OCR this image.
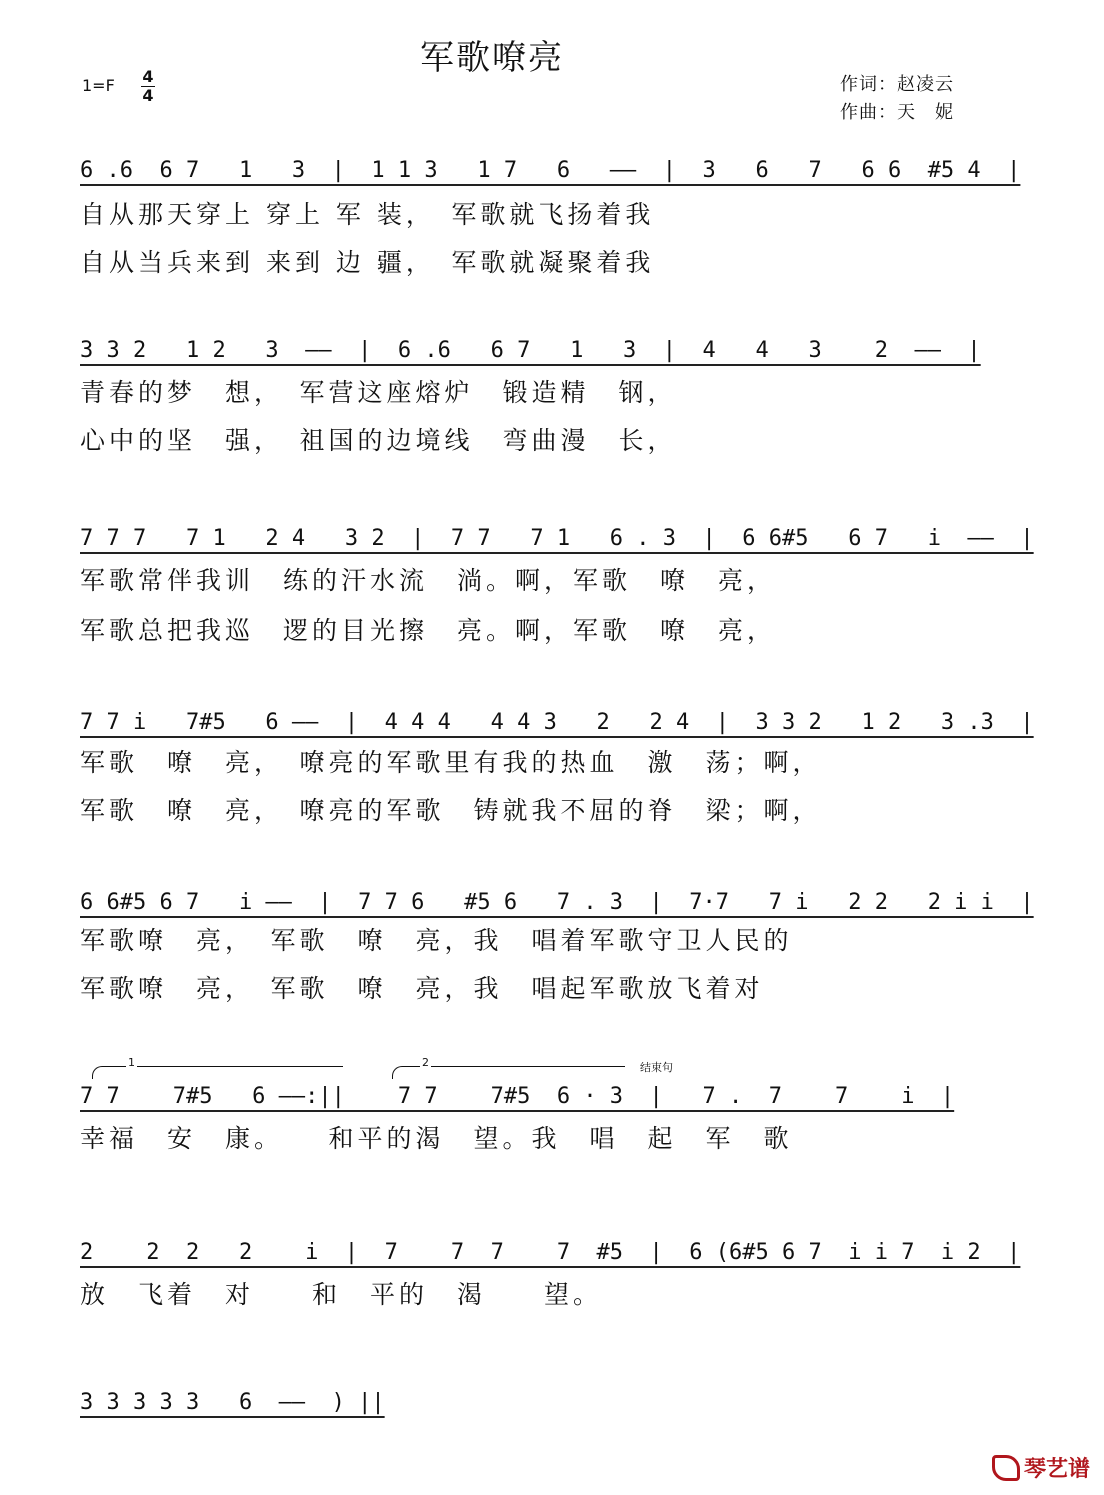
军歌嘹亮
1=F 4
4
作词：赵凌云
作曲：天　妮
6 .6  6 7   1   3  |  1 1 3   1 7   6   ——  |  3   6   7   6 6  #5 4  |
自从那天穿上 穿上 军 装，　军歌就飞扬着我
自从当兵来到 来到 边 疆，　军歌就凝聚着我
3 3 2   1 2   3  ——  |  6 .6   6 7   1   3  |  4   4   3    2  ——  |
青春的梦　想，　军营这座熔炉　锻造精　钢，
心中的坚　强，　祖国的边境线　弯曲漫　长，
7 7 7   7 1   2 4   3 2  |  7 7   7 1   6 . 3  |  6 6#5   6 7   i  ——  |
军歌常伴我训　练的汗水流　淌。啊，军歌　嘹　亮，
军歌总把我巡　逻的目光擦　亮。啊，军歌　嘹　亮，
7 7 i   7#5   6 ——  |  4 4 4   4 4 3   2   2 4  |  3 3 2   1 2   3 .3  |
军歌　嘹　亮，　嘹亮的军歌里有我的热血　激　荡；啊，
军歌　嘹　亮，　嘹亮的军歌　铸就我不屈的脊　梁；啊，
6 6#5 6 7   i ——  |  7 7 6   #5 6   7 . 3  |  7·7   7 i   2 2   2 i i  |
军歌嘹　亮，　军歌　嘹　亮，我　唱着军歌守卫人民的
军歌嘹　亮，　军歌　嘹　亮，我　唱起军歌放飞着对
1	2	结束句
7 7    7#5   6 ——:||    7 7    7#5  6 · 3  |   7 .  7    7    i  |
幸福　安　康。　　和平的渴　望。我　唱　起　军　歌
2    2  2   2    i  |  7    7  7    7  #5  |  6 (6#5 6 7  i i 7  i 2  |
放　飞着　对　　和　平的　渴　　望。
3 3 3 3 3   6  ——  ) ||
琴艺谱
